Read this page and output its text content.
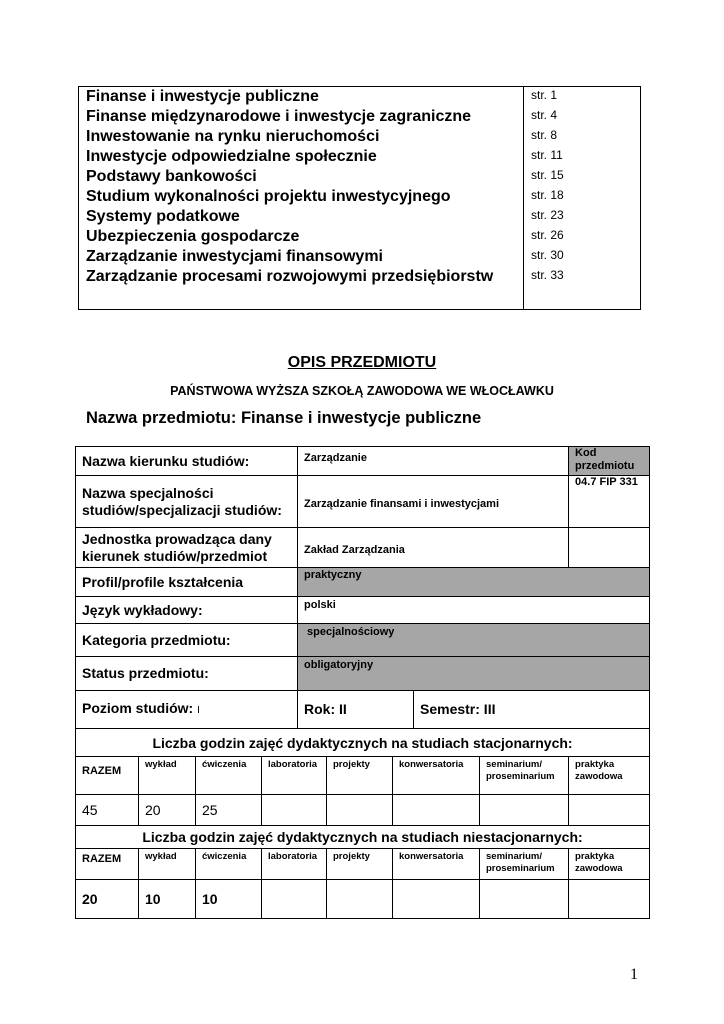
Finanse i inwestycje publiczne	str. 1
Finanse międzynarodowe i inwestycje zagraniczne	str. 4
Inwestowanie na rynku nieruchomości	str. 8
Inwestycje odpowiedzialne społecznie	str. 11
Podstawy bankowości	str. 15
Studium wykonalności projektu inwestycyjnego	str. 18
Systemy podatkowe	str. 23
Ubezpieczenia gospodarcze	str. 26
Zarządzanie inwestycjami finansowymi	str. 30
Zarządzanie procesami rozwojowymi przedsiębiorstw	str. 33
OPIS PRZEDMIOTU
PAŃSTWOWA WYŻSZA SZKOŁĄ ZAWODOWA WE WŁOCŁAWKU
Nazwa przedmiotu: Finanse i inwestycje publiczne
Nazwa kierunku studiów:				Zarządzanie					Kod przedmiotu
Nazwa specjalności studiów/specjalizacji studiów:				Zarządzanie finansami i inwestycjami					04.7 FIP 331
Jednostka prowadząca dany kierunek studiów/przedmiot				Zakład Zarządzania					
Profil/profile kształcenia				praktyczny					
Język wykładowy:				polski					
Kategoria przedmiotu:				specjalnościowy					
Status przedmiotu:				obligatoryjny					
Poziom studiów: I				Rok: II			Semestr: III		
Liczba godzin zajęć dydaktycznych na studiach stacjonarnych:									
RAZEM	wykład	ćwiczenia	laboratoria		projekty	konwersatoria		seminarium/ proseminarium	praktyka zawodowa
45	20	25							
Liczba godzin zajęć dydaktycznych na studiach niestacjonarnych:									
RAZEM	wykład	ćwiczenia	laboratoria		projekty	konwersatoria		seminarium/ proseminarium	praktyka zawodowa
20	10	10							
1
